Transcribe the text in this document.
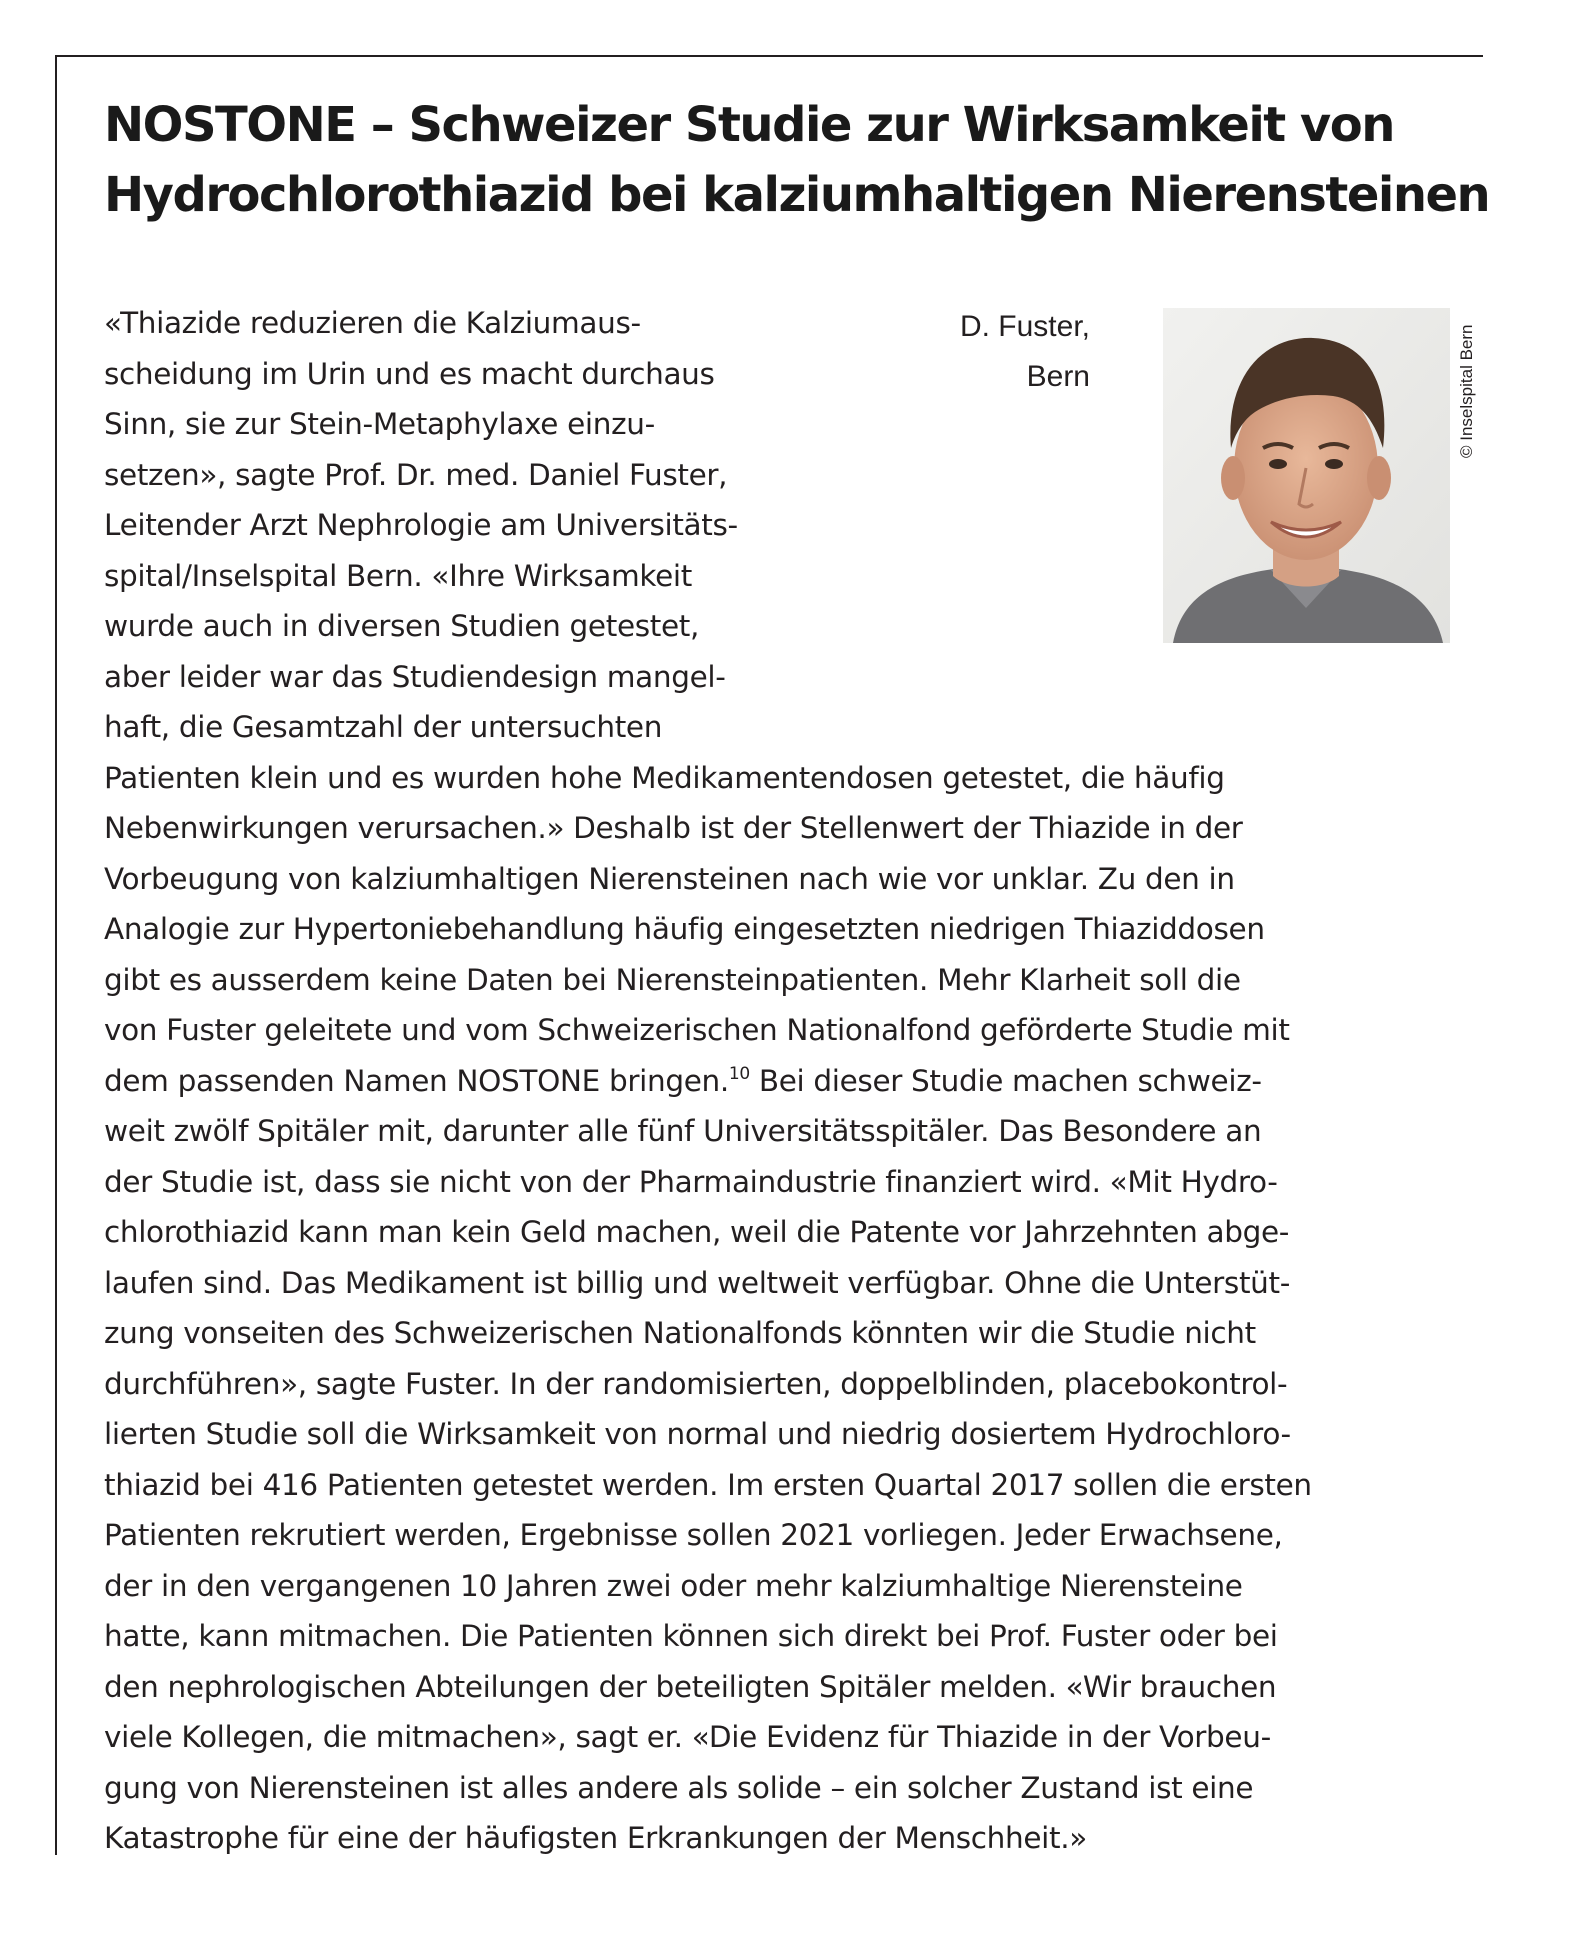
NOSTONE – Schweizer Studie zur Wirksamkeit von
Hydrochlorothiazid bei kalziumhaltigen Nierensteinen
D. Fuster,
Bern	© Inselspital Bern
«Thiazide reduzieren die Kalziumaus-
scheidung im Urin und es macht durchaus
Sinn, sie zur Stein-Metaphylaxe einzu-
setzen», sagte Prof. Dr. med. Daniel Fuster,
Leitender Arzt Nephrologie am Universitäts-
spital/Inselspital Bern. «Ihre Wirksamkeit
wurde auch in diversen Studien getestet,
aber leider war das Studiendesign mangel-
haft, die Gesamtzahl der untersuchten
Patienten klein und es wurden hohe Medikamentendosen getestet, die häufig
Nebenwirkungen verursachen.» Deshalb ist der Stellenwert der Thiazide in der
Vorbeugung von kalziumhaltigen Nierensteinen nach wie vor unklar. Zu den in
Analogie zur Hypertoniebehandlung häufig eingesetzten niedrigen Thiaziddosen
gibt es ausserdem keine Daten bei Nierensteinpatienten. Mehr Klarheit soll die
von Fuster geleitete und vom Schweizerischen Nationalfond geförderte Studie mit
dem passenden Namen NOSTONE bringen.$^{10}$ Bei dieser Studie machen schweiz-
weit zwölf Spitäler mit, darunter alle fünf Universitätsspitäler. Das Besondere an
der Studie ist, dass sie nicht von der Pharmaindustrie finanziert wird. «Mit Hydro-
chlorothiazid kann man kein Geld machen, weil die Patente vor Jahrzehnten abge-
laufen sind. Das Medikament ist billig und weltweit verfügbar. Ohne die Unterstüt-
zung vonseiten des Schweizerischen Nationalfonds könnten wir die Studie nicht
durchführen», sagte Fuster. In der randomisierten, doppelblinden, placebokontrol-
lierten Studie soll die Wirksamkeit von normal und niedrig dosiertem Hydrochloro-
thiazid bei 416 Patienten getestet werden. Im ersten Quartal 2017 sollen die ersten
Patienten rekrutiert werden, Ergebnisse sollen 2021 vorliegen. Jeder Erwachsene,
der in den vergangenen 10 Jahren zwei oder mehr kalziumhaltige Nierensteine
hatte, kann mitmachen. Die Patienten können sich direkt bei Prof. Fuster oder bei
den nephrologischen Abteilungen der beteiligten Spitäler melden. «Wir brauchen
viele Kollegen, die mitmachen», sagt er. «Die Evidenz für Thiazide in der Vorbeu-
gung von Nierensteinen ist alles andere als solide – ein solcher Zustand ist eine
Katastrophe für eine der häufigsten Erkrankungen der Menschheit.»
